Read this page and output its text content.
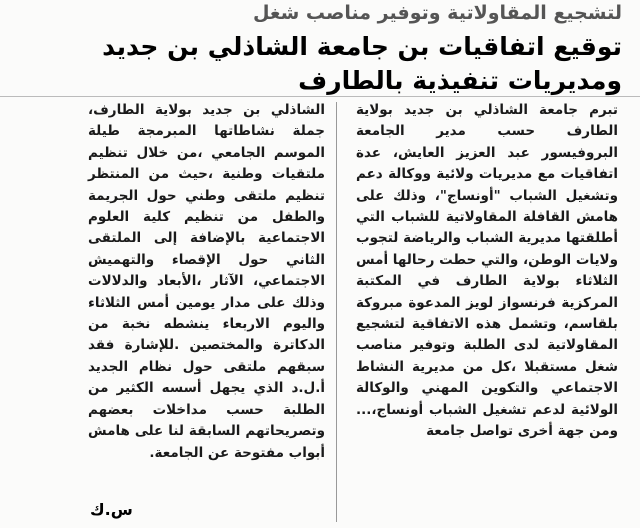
لتشجيع المقاولاتية وتوفير مناصب شغل
توقيع اتفاقيات بن جامعة الشاذلي بن جديد
ومديريات تنفيذية بالطارف
تبرم جامعة الشاذلي بن جديد بولاية الطارف حسب مدير الجامعة البروفيسور عبد العزيز العايش، عدة اتفاقيات مع مديريات ولائية ووكالة دعم وتشغيل الشباب "أونساج"، وذلك على هامش القافلة المقاولاتية للشباب التي أطلقتها مديرية الشباب والرياضة لتجوب ولايات الوطن، والتي حطت رحالها أمس الثلاثاء بولاية الطارف في المكتبة المركزية فرنسواز لويز المدعوة مبروكة بلقاسم، وتشمل هذه الاتفاقية لتشجيع المقاولاتية لدى الطلبة وتوفير مناصب شغل مستقبلا ،كل من مديرية النشاط الاجتماعي والتكوين المهني والوكالة الولائية لدعم تشغيل الشباب أونساج،... ومن جهة أخرى تواصل جامعة
الشاذلي بن جديد بولاية الطارف، جملة نشاطاتها المبرمجة طيلة الموسم الجامعي ،من خلال تنظيم ملتقيات وطنية ،حيث من المنتظر تنظيم ملتقى وطني حول الجريمة والطفل من تنظيم كلية العلوم الاجتماعية بالإضافة إلى الملتقى الثاني حول الإقصاء والتهميش الاجتماعي، الآثار ،الأبعاد والدلالات وذلك على مدار يومين أمس الثلاثاء واليوم الاربعاء ينشطه نخبة من الدكاترة والمختصين .للإشارة فقد سبقهم ملتقى حول نظام الجديد أ.ل.د الذي يجهل أسسه الكثير من الطلبة حسب مداخلات بعضهم وتصريحاتهم السابقة لنا على هامش أبواب مفتوحة عن الجامعة.
س.ك
